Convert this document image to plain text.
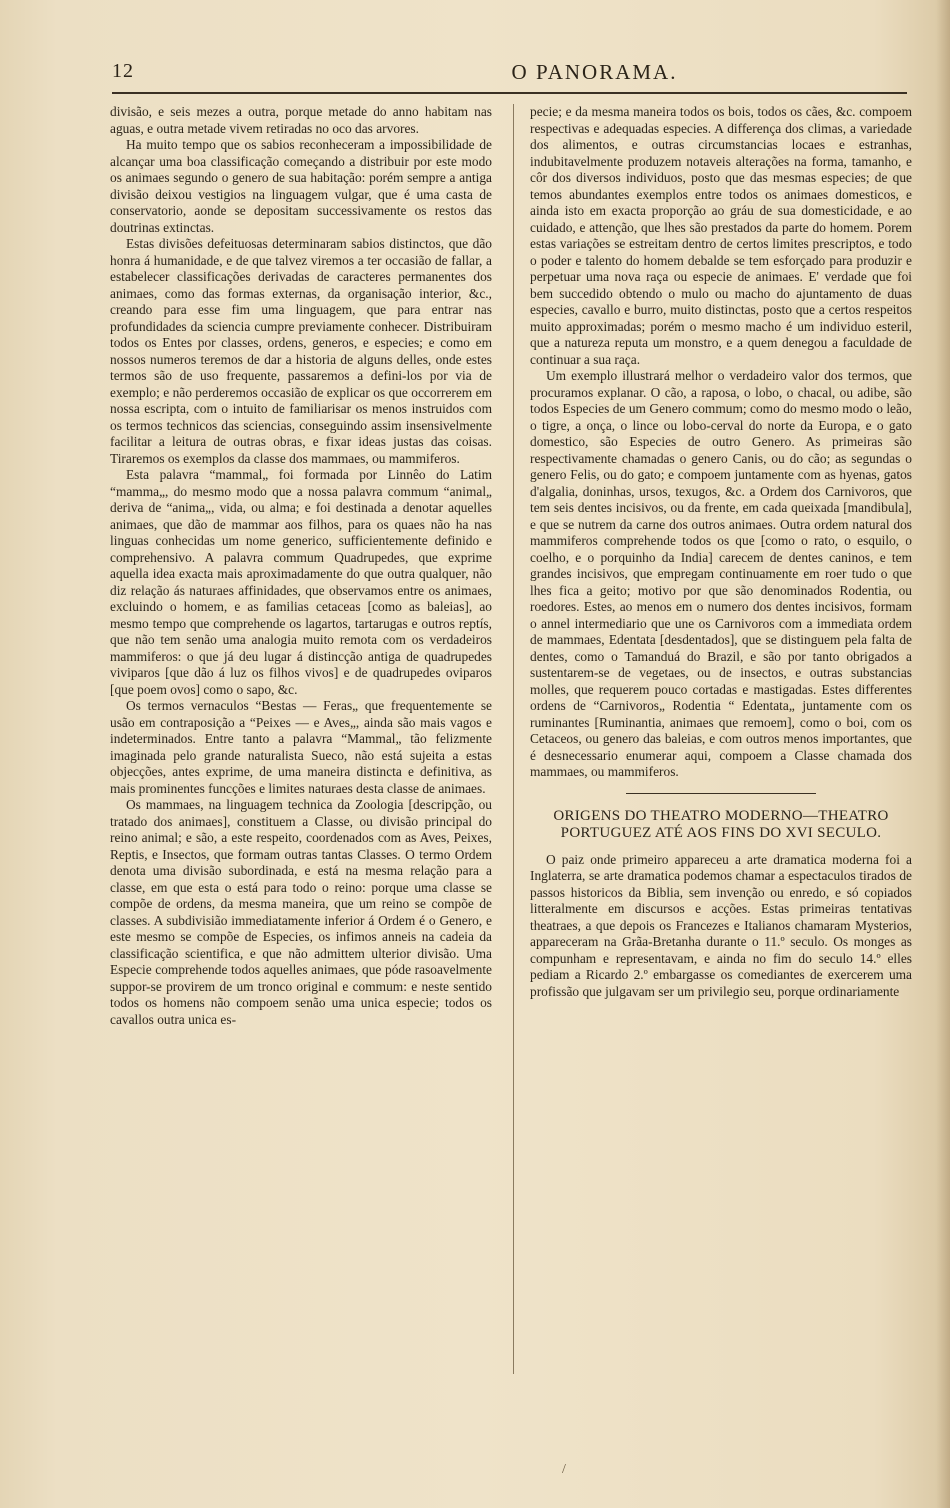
12	O PANORAMA.

divisão, e seis mezes a outra, porque metade do anno habitam nas aguas, e outra metade vivem retiradas no oco das arvores.

Ha muito tempo que os sabios reconheceram a impossibilidade de alcançar uma boa classificação começando a distribuir por este modo os animaes segundo o genero de sua habitação: porém sempre a antiga divisão deixou vestigios na linguagem vulgar, que é uma casta de conservatorio, aonde se depositam successivamente os restos das doutrinas extinctas.

Estas divisões defeituosas determinaram sabios distinctos, que dão honra á humanidade, e de que talvez viremos a ter occasião de fallar, a estabelecer classificações derivadas de caracteres permanentes dos animaes, como das formas externas, da organisação interior, &c., creando para esse fim uma linguagem, que para entrar nas profundidades da sciencia cumpre previamente conhecer. Distribuiram todos os Entes por classes, ordens, generos, e especies; e como em nossos numeros teremos de dar a historia de alguns delles, onde estes termos são de uso frequente, passaremos a defini-los por via de exemplo; e não perderemos occasião de explicar os que occorrerem em nossa escripta, com o intuito de familiarisar os menos instruidos com os termos technicos das sciencias, conseguindo assim insensivelmente facilitar a leitura de outras obras, e fixar ideas justas das coisas. Tiraremos os exemplos da classe dos mammaes, ou mammiferos.

Esta palavra “mammal„ foi formada por Linnêo do Latim “mamma„, do mesmo modo que a nossa palavra commum “animal„ deriva de “anima„, vida, ou alma; e foi destinada a denotar aquelles animaes, que dão de mammar aos filhos, para os quaes não ha nas linguas conhecidas um nome generico, sufficientemente definido e comprehensivo. A palavra commum Quadrupedes, que exprime aquella idea exacta mais aproximadamente do que outra qualquer, não diz relação ás naturaes affinidades, que observamos entre os animaes, excluindo o homem, e as familias cetaceas [como as baleias], ao mesmo tempo que comprehende os lagartos, tartarugas e outros reptís, que não tem senão uma analogia muito remota com os verdadeiros mammiferos: o que já deu lugar á distincção antiga de quadrupedes viviparos [que dão á luz os filhos vivos] e de quadrupedes oviparos [que poem ovos] como o sapo, &c.

Os termos vernaculos “Bestas — Feras„ que frequentemente se usão em contraposição a “Peixes — e Aves„, ainda são mais vagos e indeterminados. Entre tanto a palavra “Mammal„ tão felizmente imaginada pelo grande naturalista Sueco, não está sujeita a estas objecções, antes exprime, de uma maneira distincta e definitiva, as mais prominentes funcções e limites naturaes desta classe de animaes.

Os mammaes, na linguagem technica da Zoologia [descripção, ou tratado dos animaes], constituem a Classe, ou divisão principal do reino animal; e são, a este respeito, coordenados com as Aves, Peixes, Reptis, e Insectos, que formam outras tantas Classes. O termo Ordem denota uma divisão subordinada, e está na mesma relação para a classe, em que esta o está para todo o reino: porque uma classe se compõe de ordens, da mesma maneira, que um reino se compõe de classes. A subdivisião immediatamente inferior á Ordem é o Genero, e este mesmo se compõe de Especies, os infimos anneis na cadeia da classificação scientifica, e que não admittem ulterior divisão. Uma Especie comprehende todos aquelles animaes, que póde rasoavelmente suppor-se provirem de um tronco original e commum: e neste sentido todos os homens não compoem senão uma unica especie; todos os cavallos outra unica es-

pecie; e da mesma maneira todos os bois, todos os cães, &c. compoem respectivas e adequadas especies. A differença dos climas, a variedade dos alimentos, e outras circumstancias locaes e estranhas, indubitavelmente produzem notaveis alterações na forma, tamanho, e côr dos diversos individuos, posto que das mesmas especies; de que temos abundantes exemplos entre todos os animaes domesticos, e ainda isto em exacta proporção ao gráu de sua domesticidade, e ao cuidado, e attenção, que lhes são prestados da parte do homem. Porem estas variações se estreitam dentro de certos limites prescriptos, e todo o poder e talento do homem debalde se tem esforçado para produzir e perpetuar uma nova raça ou especie de animaes. E' verdade que foi bem succedido obtendo o mulo ou macho do ajuntamento de duas especies, cavallo e burro, muito distinctas, posto que a certos respeitos muito approximadas; porém o mesmo macho é um individuo esteril, que a natureza reputa um monstro, e a quem denegou a faculdade de continuar a sua raça.

Um exemplo illustrará melhor o verdadeiro valor dos termos, que procuramos explanar. O cão, a raposa, o lobo, o chacal, ou adibe, são todos Especies de um Genero commum; como do mesmo modo o leão, o tigre, a onça, o lince ou lobo-cerval do norte da Europa, e o gato domestico, são Especies de outro Genero. As primeiras são respectivamente chamadas o genero Canis, ou do cão; as segundas o genero Felis, ou do gato; e compoem juntamente com as hyenas, gatos d'algalia, doninhas, ursos, texugos, &c. a Ordem dos Carnivoros, que tem seis dentes incisivos, ou da frente, em cada queixada [mandibula], e que se nutrem da carne dos outros animaes. Outra ordem natural dos mammiferos comprehende todos os que [como o rato, o esquilo, o coelho, e o porquinho da India] carecem de dentes caninos, e tem grandes incisivos, que empregam continuamente em roer tudo o que lhes fica a geito; motivo por que são denominados Rodentia, ou roedores. Estes, ao menos em o numero dos dentes incisivos, formam o annel intermediario que une os Carnivoros com a immediata ordem de mammaes, Edentata [desdentados], que se distinguem pela falta de dentes, como o Tamanduá do Brazil, e são por tanto obrigados a sustentarem-se de vegetaes, ou de insectos, e outras substancias molles, que requerem pouco cortadas e mastigadas. Estes differentes ordens de “Carnivoros„ Rodentia “ Edentata„ juntamente com os ruminantes [Ruminantia, animaes que remoem], como o boi, com os Cetaceos, ou genero das baleias, e com outros menos importantes, que é desnecessario enumerar aqui, compoem a Classe chamada dos mammaes, ou mammiferos.

ORIGENS DO THEATRO MODERNO—THEATRO PORTUGUEZ ATÉ AOS FINS DO XVI SECULO.

O paiz onde primeiro appareceu a arte dramatica moderna foi a Inglaterra, se arte dramatica podemos chamar a espectaculos tirados de passos historicos da Biblia, sem invenção ou enredo, e só copiados litteralmente em discursos e acções. Estas primeiras tentativas theatraes, a que depois os Francezes e Italianos chamaram Mysterios, appareceram na Grãa-Bretanha durante o 11.º seculo. Os monges as compunham e representavam, e ainda no fim do seculo 14.º elles pediam a Ricardo 2.º embargasse os comediantes de exercerem uma profissão que julgavam ser um privilegio seu, porque ordinariamente

/
